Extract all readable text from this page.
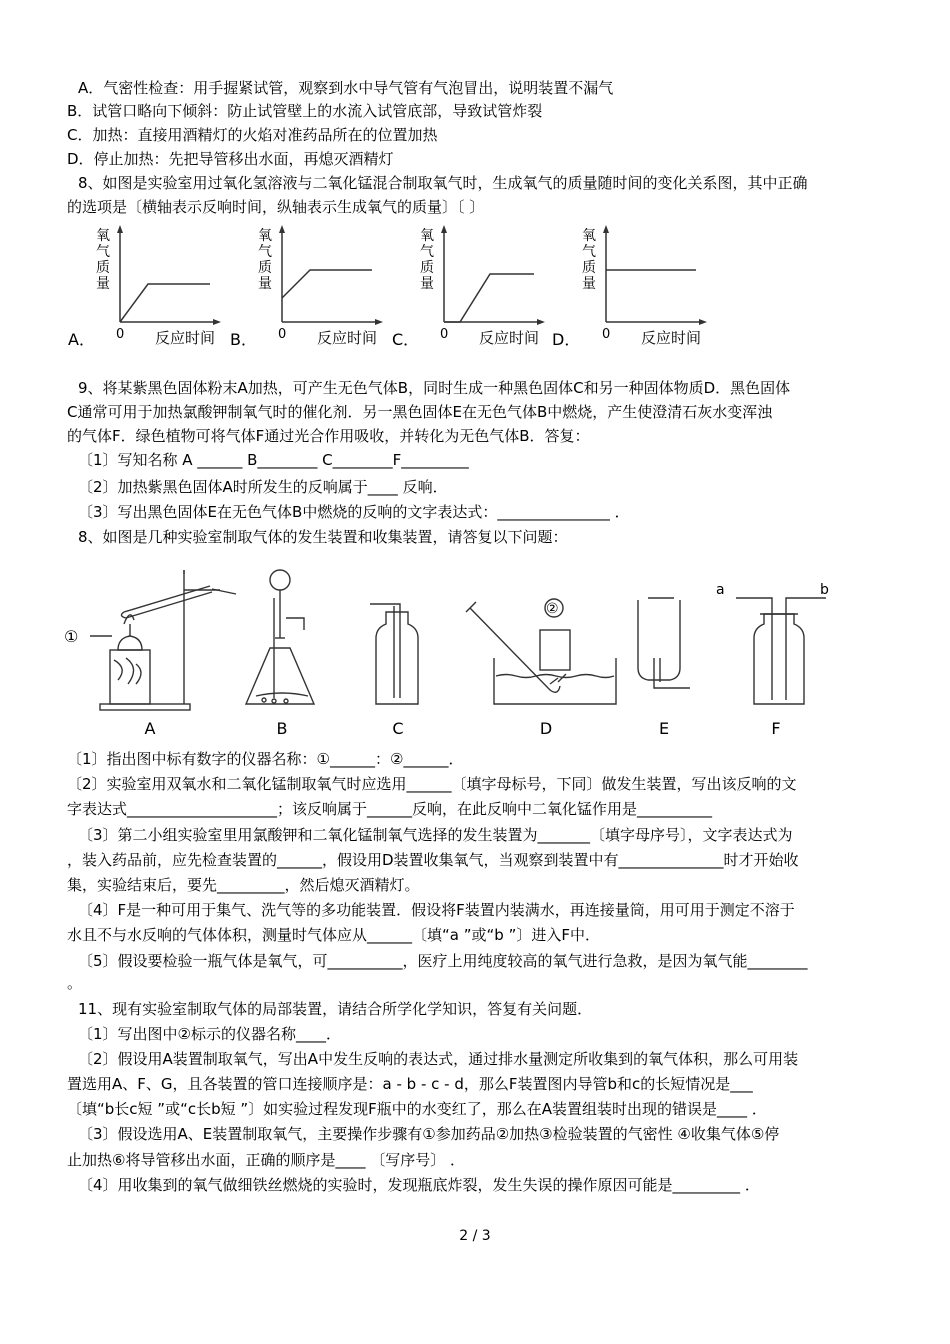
A．气密性检查：用手握紧试管，观察到水中导气管有气泡冒出，说明装置不漏气
B．试管口略向下倾斜：防止试管壁上的水流入试管底部，导致试管炸裂
C．加热：直接用酒精灯的火焰对准药品所在的位置加热
D．停止加热：先把导管移出水面，再熄灭酒精灯
8、如图是实验室用过氧化氢溶液与二氧化锰混合制取氧气时，生成氧气的质量随时间的变化关系图，其中正确
的选项是〔横轴表示反响时间，纵轴表示生成氧气的质量〕〔 〕
氧
气
质
量
氧
气
质
量
氧
气
质
量
氧
气
质
量
A． 0 反应时间 B． 0 反应时间 C． 0 反应时间 D． 0 反应时间
9、将某紫黑色固体粉末A加热，可产生无色气体B，同时生成一种黑色固体C和另一种固体物质D．黑色固体
C通常可用于加热氯酸钾制氧气时的催化剂．另一黑色固体E在无色气体B中燃烧，产生使澄清石灰水变浑浊
的气体F．绿色植物可将气体F通过光合作用吸收，并转化为无色气体B．答复：
〔1〕写知名称 A ______ B________ C________F_________
〔2〕加热紫黑色固体A时所发生的反响属于____ 反响．
〔3〕写出黑色固体E在无色气体B中燃烧的反响的文字表达式：_______________ ．
8、如图是几种实验室制取气体的发生装置和收集装置，请答复以下问题：
①
②
a	b
A	B	C	D	E	F
〔1〕指出图中标有数字的仪器名称：①______：②______．
〔2〕实验室用双氧水和二氧化锰制取氧气时应选用______〔填字母标号，下同〕做发生装置，写出该反响的文
字表达式____________________；该反响属于______反响，在此反响中二氧化锰作用是__________
〔3〕第二小组实验室里用氯酸钾和二氧化锰制氧气选择的发生装置为_______〔填字母序号〕，文字表达式为
，装入药品前，应先检查装置的______，假设用D装置收集氧气，当观察到装置中有______________时才开始收
集，实验结束后，要先_________，然后熄灭酒精灯。
〔4〕F是一种可用于集气、洗气等的多功能装置．假设将F装置内装满水，再连接量筒，用可用于测定不溶于
水且不与水反响的气体体积，测量时气体应从______〔填“a ”或“b ”〕进入F中．
〔5〕假设要检验一瓶气体是氧气，可__________，医疗上用纯度较高的氧气进行急救，是因为氧气能________
。
11、现有实验室制取气体的局部装置，请结合所学化学知识，答复有关问题．
〔1〕写出图中②标示的仪器名称____．
〔2〕假设用A装置制取氧气，写出A中发生反响的表达式，通过排水量测定所收集到的氧气体积，那么可用装
置选用A、F、G，且各装置的管口连接顺序是：a - b - c - d，那么F装置图内导管b和c的长短情况是___
〔填“b长c短 ”或“c长b短 ”〕如实验过程发现F瓶中的水变红了，那么在A装置组装时出现的错误是____ ．
〔3〕假设选用A、E装置制取氧气，主要操作步骤有①参加药品②加热③检验装置的气密性 ④收集气体⑤停
止加热⑥将导管移出水面，正确的顺序是____ 〔写序号〕 ．
〔4〕用收集到的氧气做细铁丝燃烧的实验时，发现瓶底炸裂，发生失误的操作原因可能是_________ ．
2 / 3
